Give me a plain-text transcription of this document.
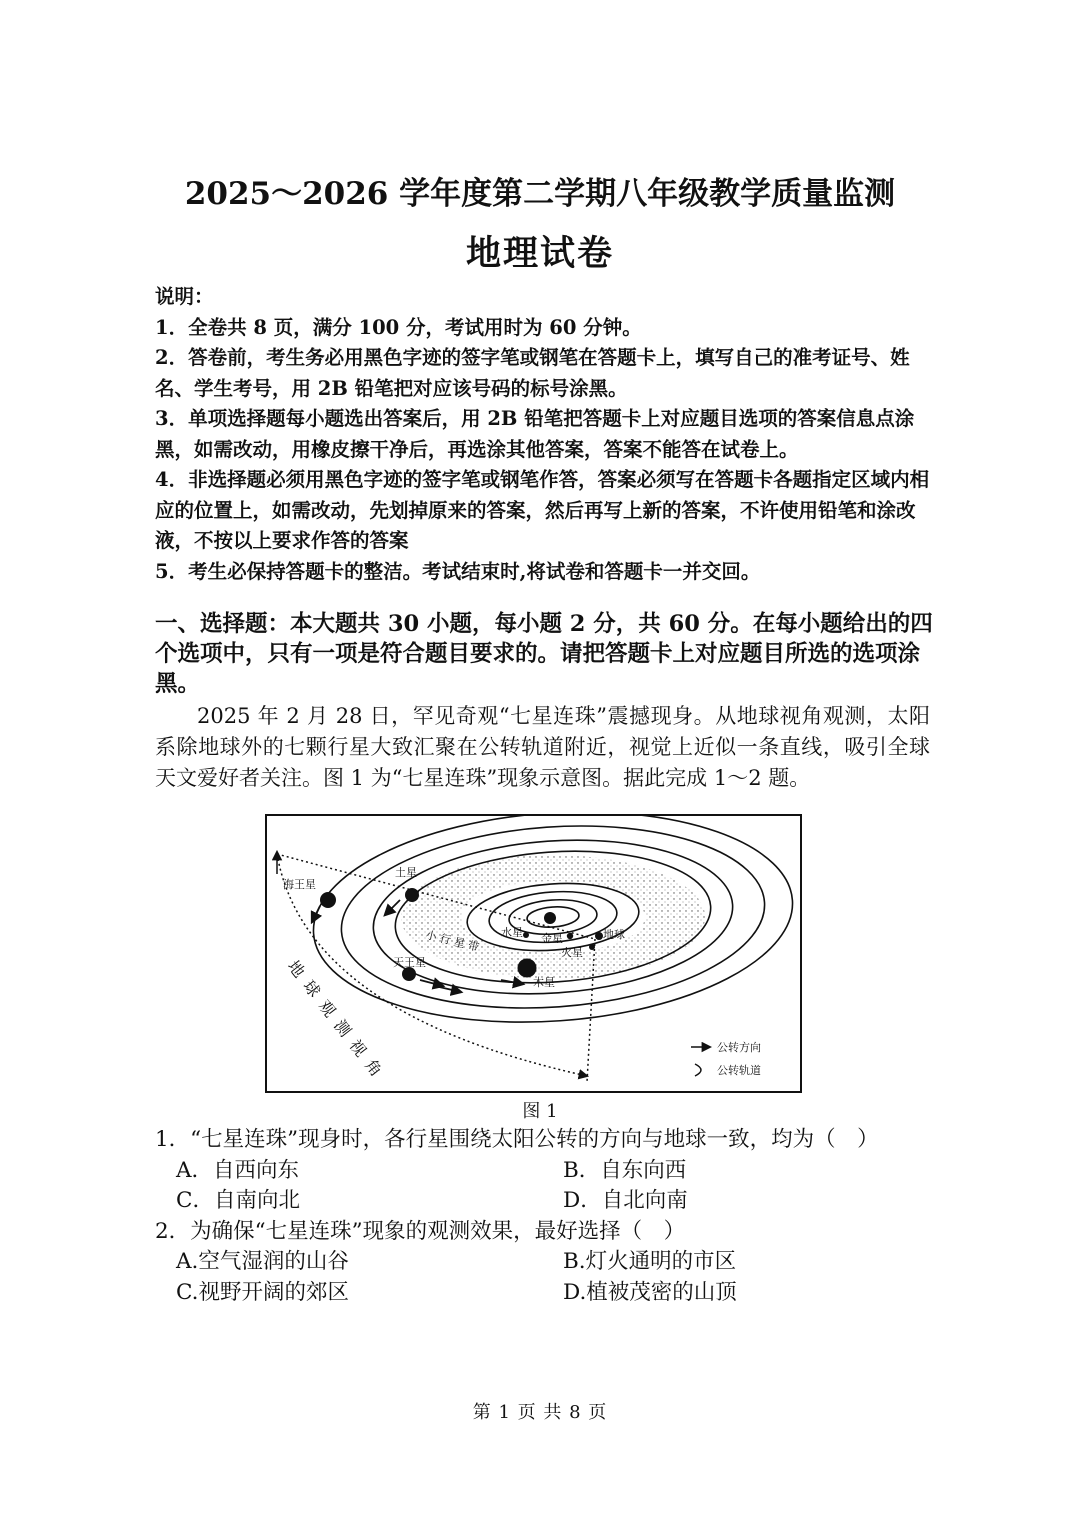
2025～2026 学年度第二学期八年级教学质量监测
地理试卷

说明：

1．全卷共 8 页，满分 100 分，考试用时为 60 分钟。

2．答卷前，考生务必用黑色字迹的签字笔或钢笔在答题卡上，填写自己的准考证号、姓名、学生考号，用 2B 铅笔把对应该号码的标号涂黑。

3．单项选择题每小题选出答案后，用 2B 铅笔把答题卡上对应题目选项的答案信息点涂黑，如需改动，用橡皮擦干净后，再选涂其他答案，答案不能答在试卷上。

4．非选择题必须用黑色字迹的签字笔或钢笔作答，答案必须写在答题卡各题指定区域内相应的位置上，如需改动，先划掉原来的答案，然后再写上新的答案，不许使用铅笔和涂改液，不按以上要求作答的答案

5．考生必保持答题卡的整洁。考试结束时,将试卷和答题卡一并交回。

一、选择题：本大题共 30 小题，每小题 2 分，共 60 分。在每小题给出的四个选项中，只有一项是符合题目要求的。请把答题卡上对应题目所选的选项涂黑。

2025 年 2 月 28 日，罕见奇观“七星连珠”震撼现身。从地球视角观测，太阳系除地球外的七颗行星大致汇聚在公转轨道附近，视觉上近似一条直线，吸引全球天文爱好者关注。图 1 为“七星连珠”现象示意图。据此完成 1～2 题。

海王星
土星
天王星
木星
水星 金星
火星
地球
小 行 星 带
地 球 观 测 视 角	公转方向
公转轨道
图 1

1．“七星连珠”现身时，各行星围绕太阳公转的方向与地球一致，均为（　）

A．自西向东	B．自东向西
C．自南向北	D．自北向南

2．为确保“七星连珠”现象的观测效果，最好选择（　）

A.空气湿润的山谷	B.灯火通明的市区
C.视野开阔的郊区	D.植被茂密的山顶
第 1 页 共 8 页
